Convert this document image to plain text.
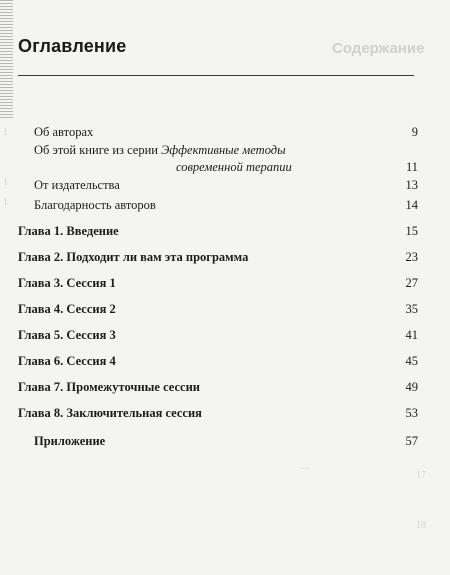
Содержание
Оглавление
1
1
1
Об авторах	9
Об этой книге из серии Эффективные методы
современной терапии	11
От издательства	13
Благодарность авторов	14
Глава 1. Введение	15
Глава 2. Подходит ли вам эта программа	23
Глава 3. Сессия 1	27
Глава 4. Сессия 2	35
Глава 5. Сессия 3	41
Глава 6. Сессия 4	45
Глава 7. Промежуточные сессии	49
Глава 8. Заключительная сессия	53
Приложение	57
—
17
18
